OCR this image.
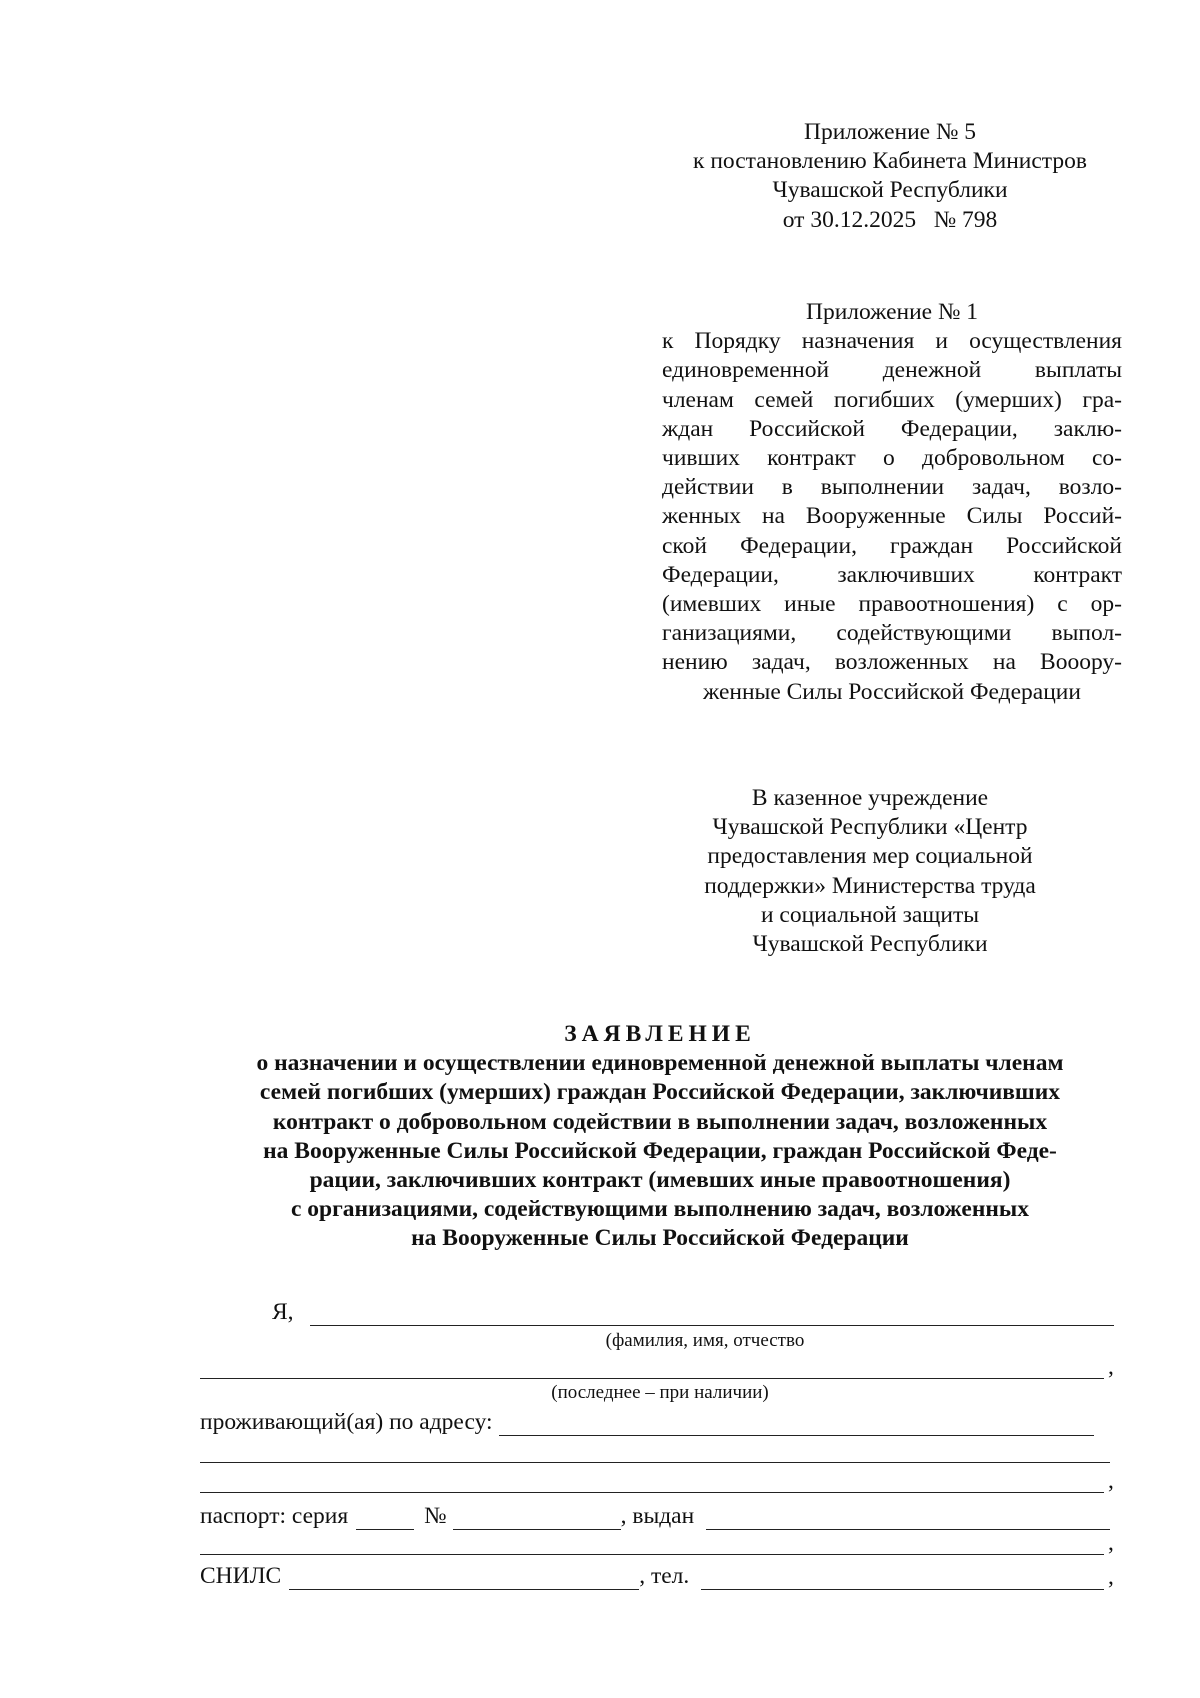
Приложение № 5
к постановлению Кабинета Министров
Чувашской Республики
от 30.12.2025   № 798
Приложение № 1

к Порядку назначения и осуществления

единовременной денежной выплаты

членам семей погибших (умерших) гра-

ждан Российской Федерации, заклю-

чивших контракт о добровольном со-

действии в выполнении задач, возло-

женных на Вооруженные Силы Россий-

ской Федерации, граждан Российской

Федерации, заключивших контракт

(имевших иные правоотношения) с ор-

ганизациями, содействующими выпол-

нению задач, возложенных на Вооору-

женные Силы Российской Федерации

В казенное учреждение
Чувашской Республики «Центр
предоставления мер социальной
поддержки» Министерства труда
и социальной защиты
Чувашской Республики
ЗАЯВЛЕНИЕ
о назначении и осуществлении единовременной денежной выплаты членам
семей погибших (умерших) граждан Российской Федерации, заключивших
контракт о добровольном содействии в выполнении задач, возложенных
на Вооруженные Силы Российской Федерации, граждан Российской Феде-
рации, заключивших контракт (имевших иные правоотношения)
с организациями, содействующими выполнению задач, возложенных
на Вооруженные Силы Российской Федерации
Я,
(фамилия, имя, отчество
,
(последнее – при наличии)
проживающий(ая) по адресу:
,
паспорт: серия	№	, выдан
,
СНИЛС	, тел.	,
